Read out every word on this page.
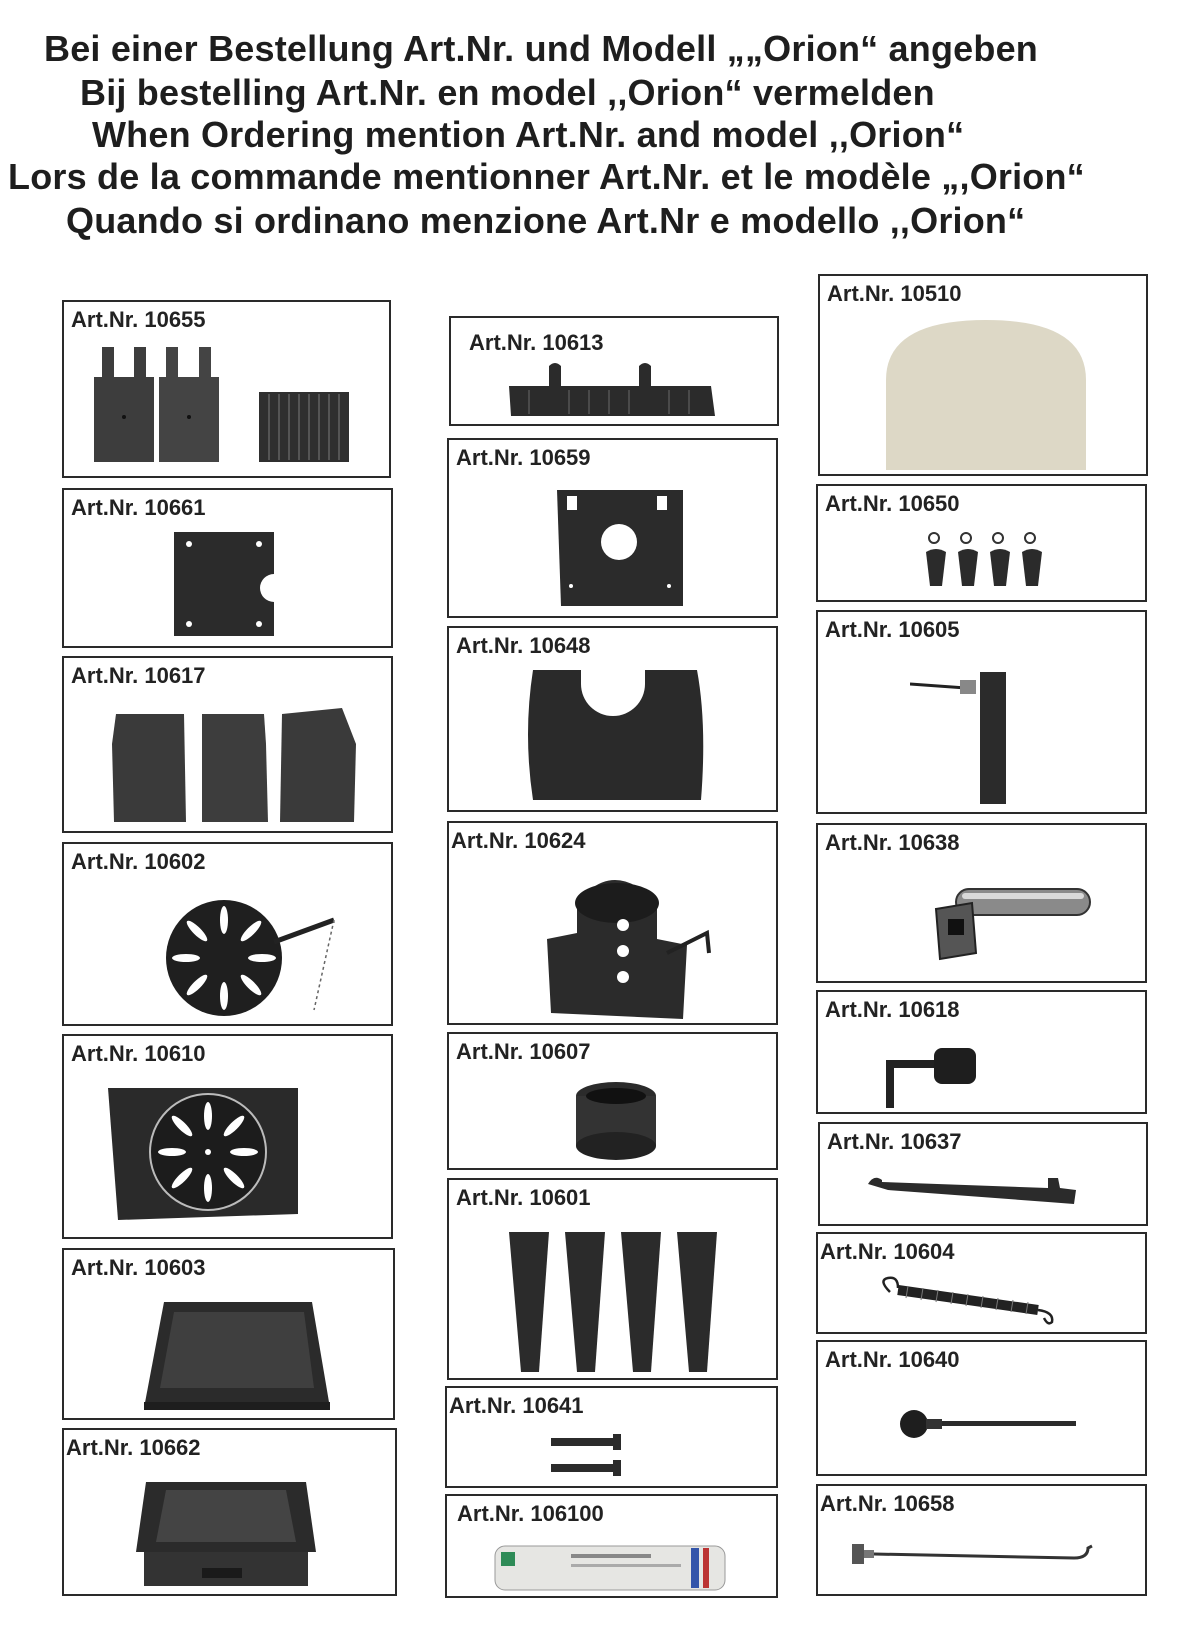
Bei einer Bestellung Art.Nr. und Modell „„Orion“ angeben
Bij bestelling Art.Nr. en model ,,Orion“ vermelden
When Ordering mention Art.Nr. and model ,,Orion“
Lors de la commande mentionner Art.Nr. et le modèle „,Orion“
Quando si ordinano menzione Art.Nr e modello ,,Orion“
Art.Nr. 10655
Art.Nr. 10661
Art.Nr. 10617
Art.Nr. 10602
Art.Nr. 10610
Art.Nr. 10603
Art.Nr. 10662
Art.Nr. 10613
Art.Nr. 10659
Art.Nr. 10648
Art.Nr. 10624
Art.Nr. 10607
Art.Nr. 10601
Art.Nr. 10641
Art.Nr. 106100
Art.Nr. 10510
Art.Nr. 10650
Art.Nr. 10605
Art.Nr. 10638
Art.Nr. 10618
Art.Nr. 10637
Art.Nr. 10604
Art.Nr. 10640
Art.Nr. 10658
